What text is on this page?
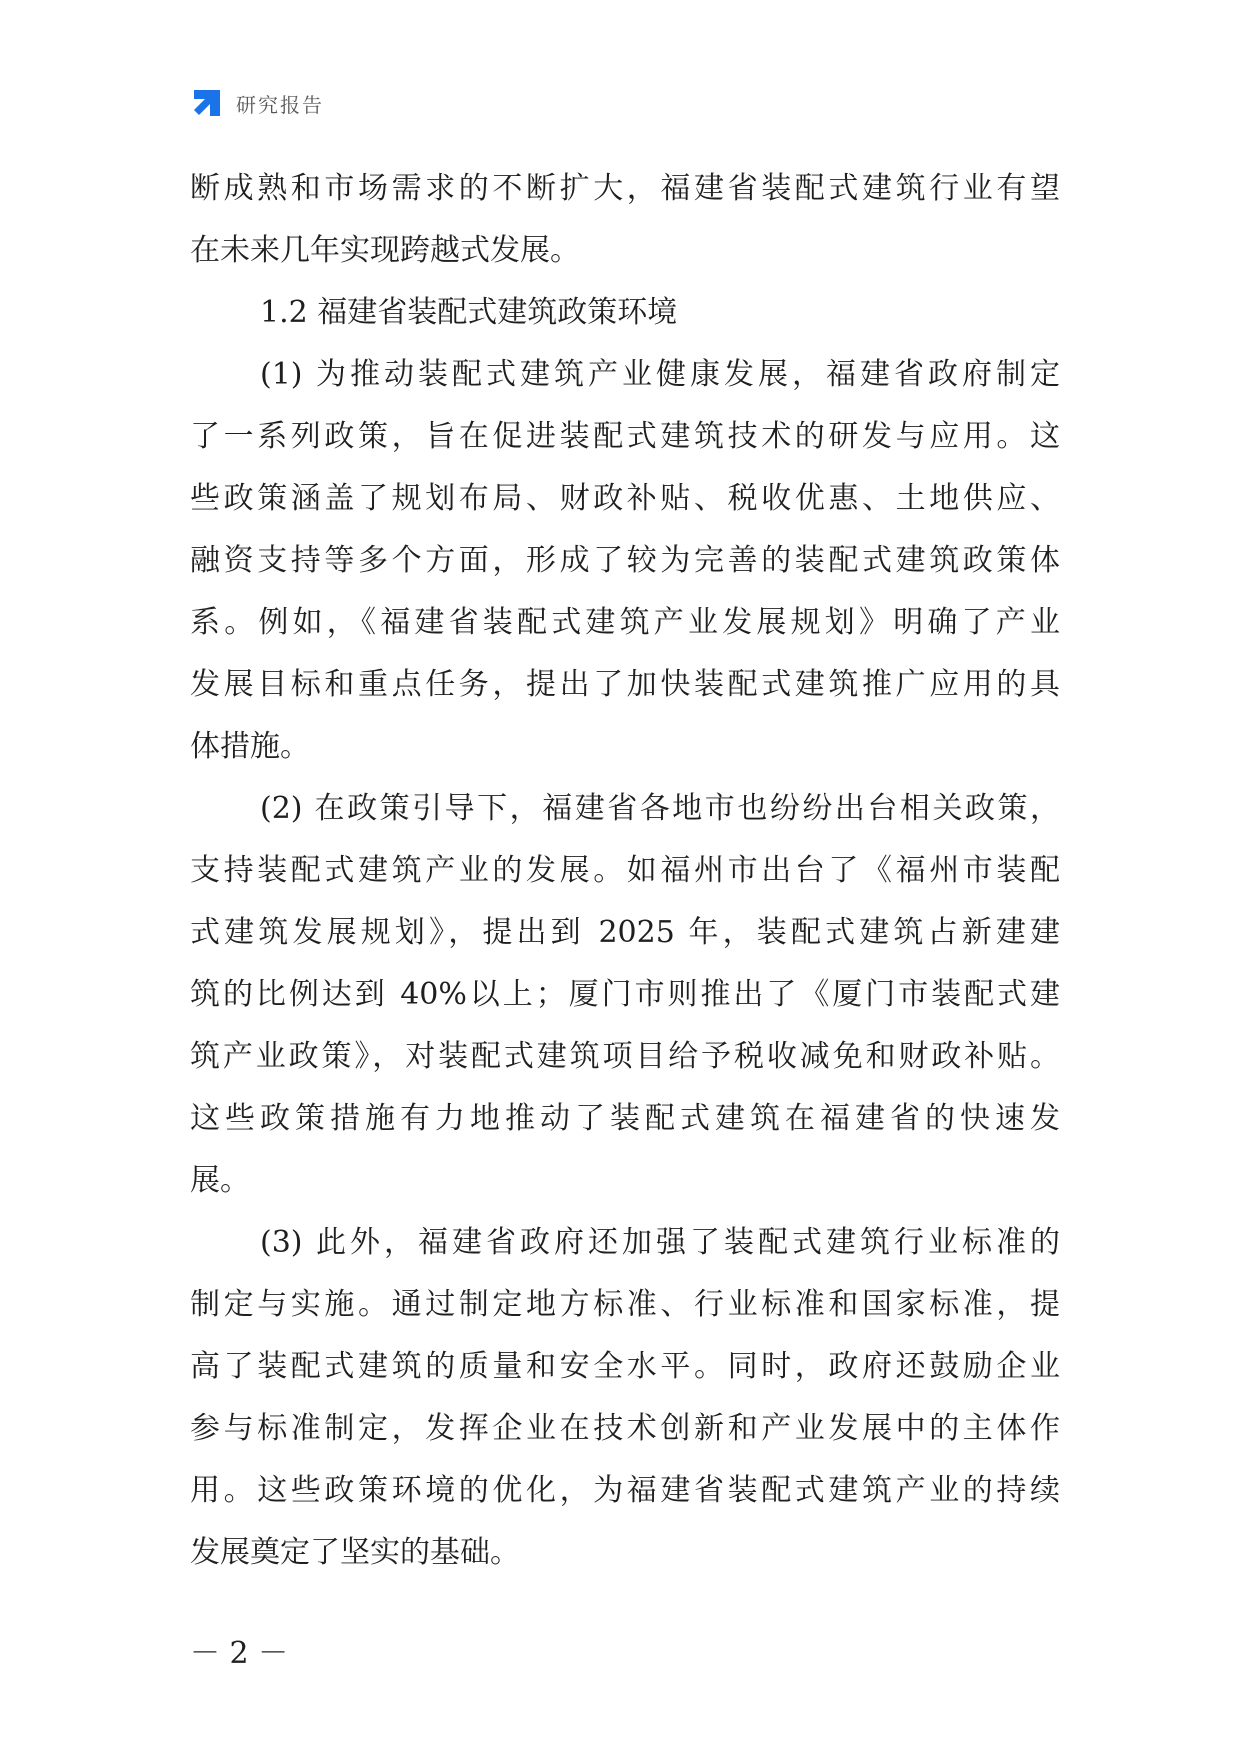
研究报告
断成熟和市场需求的不断扩大，福建省装配式建筑行业有望
在未来几年实现跨越式发展。
1.2 福建省装配式建筑政策环境
(1) 为推动装配式建筑产业健康发展，福建省政府制定
了一系列政策，旨在促进装配式建筑技术的研发与应用。这
些政策涵盖了规划布局、财政补贴、税收优惠、土地供应、
融资支持等多个方面，形成了较为完善的装配式建筑政策体
系。例如，《福建省装配式建筑产业发展规划》明确了产业
发展目标和重点任务，提出了加快装配式建筑推广应用的具
体措施。
(2) 在政策引导下，福建省各地市也纷纷出台相关政策，
支持装配式建筑产业的发展。如福州市出台了《福州市装配
式建筑发展规划》，提出到 2025 年，装配式建筑占新建建
筑的比例达到 40%以上；厦门市则推出了《厦门市装配式建
筑产业政策》，对装配式建筑项目给予税收减免和财政补贴。
这些政策措施有力地推动了装配式建筑在福建省的快速发
展。
(3) 此外，福建省政府还加强了装配式建筑行业标准的
制定与实施。通过制定地方标准、行业标准和国家标准，提
高了装配式建筑的质量和安全水平。同时，政府还鼓励企业
参与标准制定，发挥企业在技术创新和产业发展中的主体作
用。这些政策环境的优化，为福建省装配式建筑产业的持续
发展奠定了坚实的基础。
－ 2 －
